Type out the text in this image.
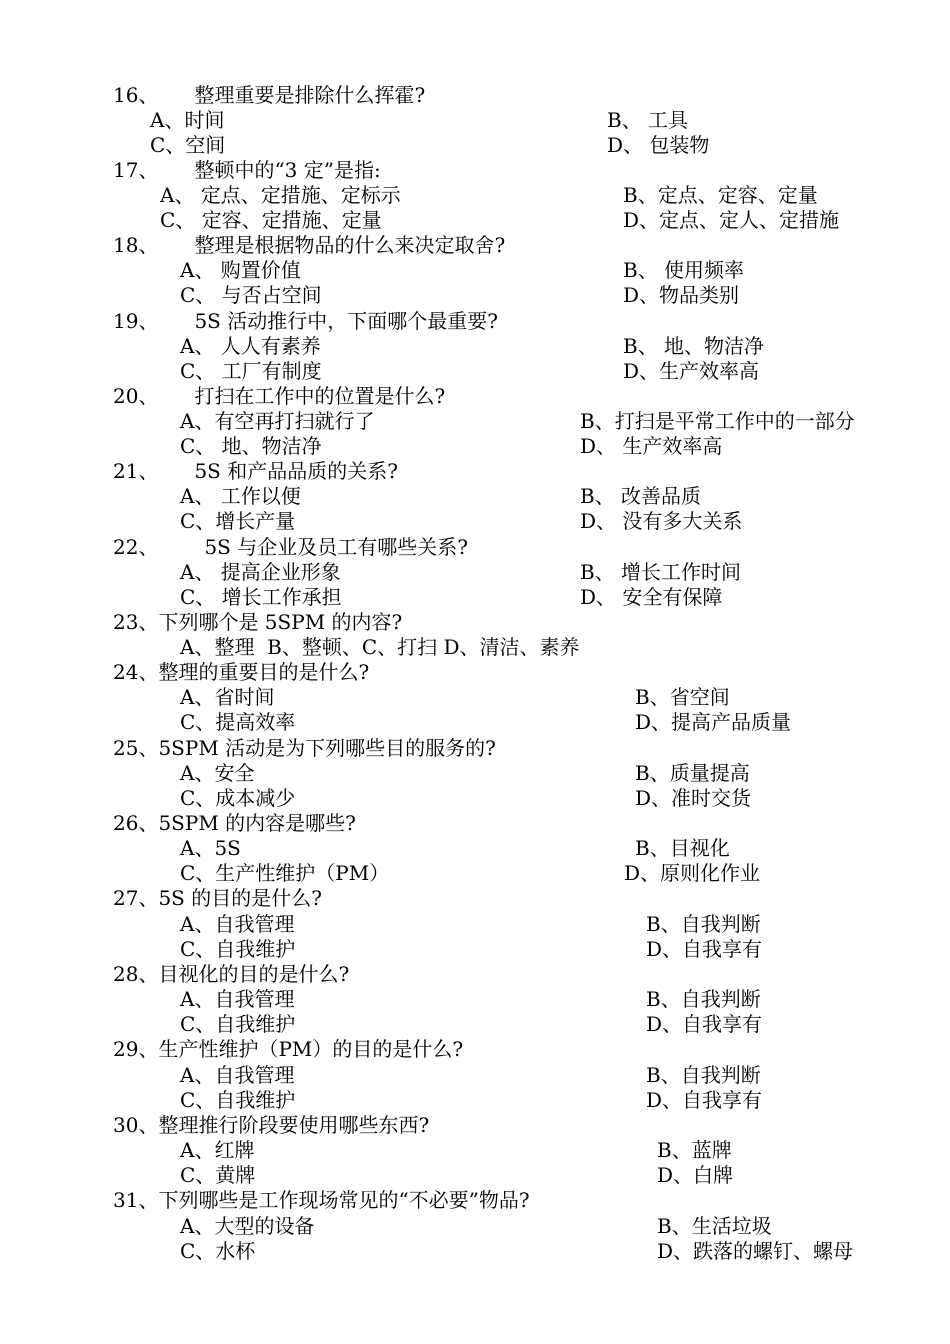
16、 整理重要是排除什么挥霍?
A、时间	B、 工具
C、空间	D、 包装物
17、 整顿中的“3 定”是指:
A、 定点、定措施、定标示	B、定点、定容、定量
C、 定容、定措施、定量	D、定点、定人、定措施
18、 整理是根据物品的什么来决定取舍?
A、 购置价值	B、 使用频率
C、 与否占空间	D、物品类别
19、 5S 活动推行中，下面哪个最重要?
A、 人人有素养	B、 地、物洁净
C、 工厂有制度	D、生产效率高
20、 打扫在工作中的位置是什么?
A、有空再打扫就行了	B、打扫是平常工作中的一部分
C、 地、物洁净	D、 生产效率高
21、 5S 和产品品质的关系?
A、 工作以便	B、 改善品质
C、增长产量	D、 没有多大关系
22、 5S 与企业及员工有哪些关系?
A、 提高企业形象	B、 增长工作时间
C、 增长工作承担	D、 安全有保障
23、下列哪个是 5SPM 的内容?
A、整理  B、整顿、C、打扫 D、清洁、素养
24、整理的重要目的是什么?
A、省时间	B、省空间
C、提高效率	D、提高产品质量
25、5SPM 活动是为下列哪些目的服务的?
A、安全	B、质量提高
C、成本减少	D、准时交货
26、5SPM 的内容是哪些?
A、5S	B、目视化
C、生产性维护（PM）	D、原则化作业
27、5S 的目的是什么?
A、自我管理	B、自我判断
C、自我维护	D、自我享有
28、目视化的目的是什么?
A、自我管理	B、自我判断
C、自我维护	D、自我享有
29、生产性维护（PM）的目的是什么?
A、自我管理	B、自我判断
C、自我维护	D、自我享有
30、整理推行阶段要使用哪些东西?
A、红牌	B、蓝牌
C、黄牌	D、白牌
31、下列哪些是工作现场常见的“不必要”物品?
A、大型的设备	B、生活垃圾
C、水杯	D、跌落的螺钉、螺母
